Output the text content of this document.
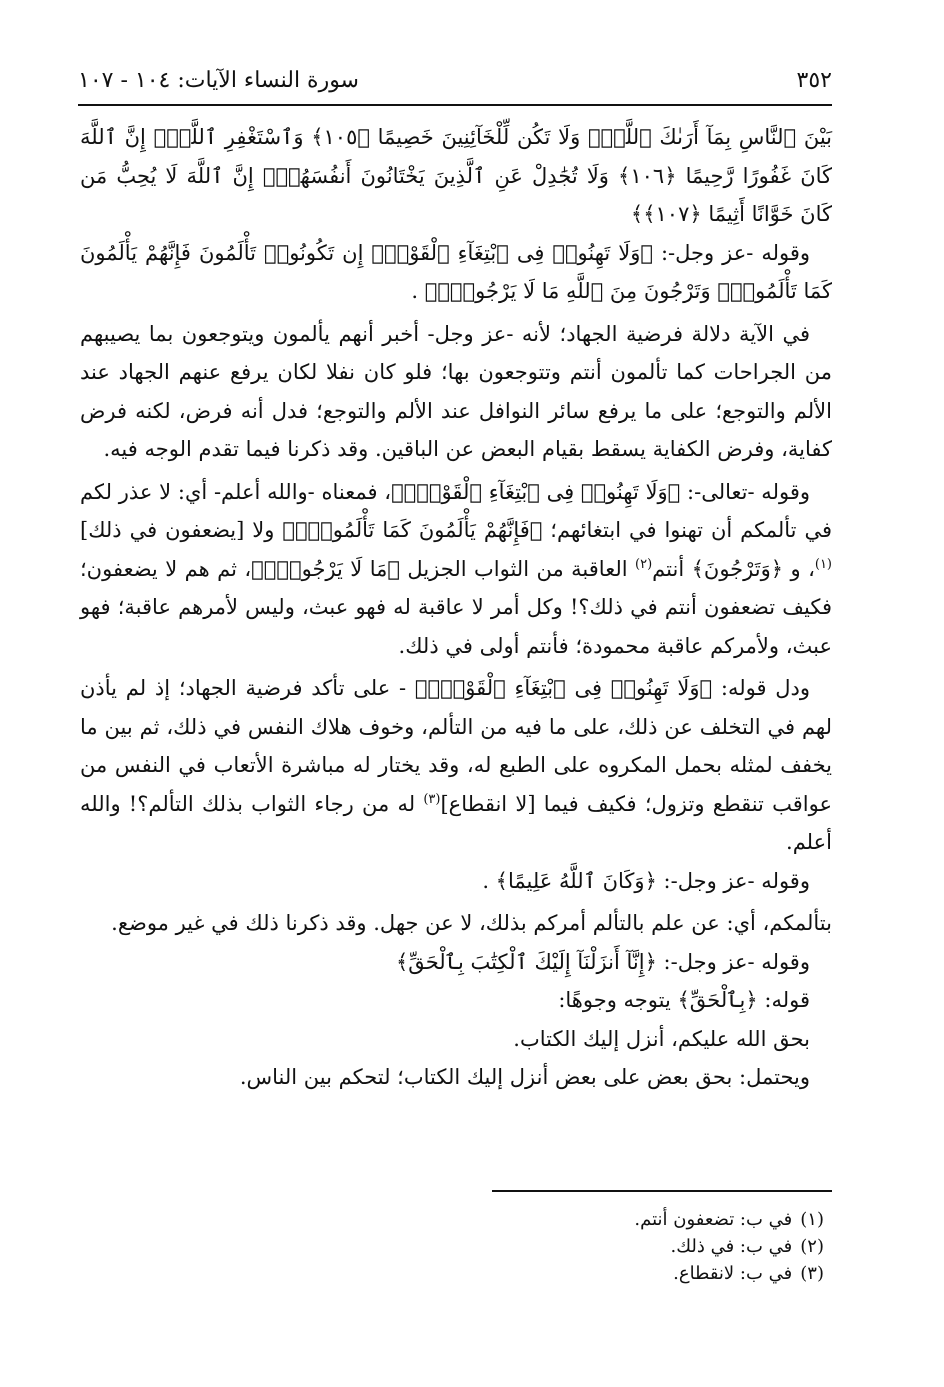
٣٥٢
سورة النساء الآيات: ١٠٤ - ١٠٧

بَيْنَ ٱلنَّاسِ بِمَآ أَرَىٰكَ ٱللَّهُۚ وَلَا تَكُن لِّلْخَآئِنِينَ خَصِيمًا ﴿١٠٥﴾ وَٱسْتَغْفِرِ ٱللَّهَۖ إِنَّ ٱللَّهَ كَانَ غَفُورًا رَّحِيمًا ﴿١٠٦﴾ وَلَا تُجَٰدِلْ عَنِ ٱلَّذِينَ يَخْتَانُونَ أَنفُسَهُمْۚ إِنَّ ٱللَّهَ لَا يُحِبُّ مَن كَانَ خَوَّانًا أَثِيمًا ﴿١٠٧﴾﴾

وقوله -عز وجل-: ﴿وَلَا تَهِنُوا۟ فِى ٱبْتِغَآءِ ٱلْقَوْمِۖ إِن تَكُونُوا۟ تَأْلَمُونَ فَإِنَّهُمْ يَأْلَمُونَ كَمَا تَأْلَمُونَۖ وَتَرْجُونَ مِنَ ٱللَّهِ مَا لَا يَرْجُونَۗ﴾ .

في الآية دلالة فرضية الجهاد؛ لأنه -عز وجل- أخبر أنهم يألمون ويتوجعون بما يصيبهم من الجراحات كما تألمون أنتم وتتوجعون بها؛ فلو كان نفلا لكان يرفع عنهم الجهاد عند الألم والتوجع؛ على ما يرفع سائر النوافل عند الألم والتوجع؛ فدل أنه فرض، لكنه فرض كفاية، وفرض الكفاية يسقط بقيام البعض عن الباقين. وقد ذكرنا فيما تقدم الوجه فيه.

وقوله -تعالى-: ﴿وَلَا تَهِنُوا۟ فِى ٱبْتِغَآءِ ٱلْقَوْمِۖ﴾، فمعناه -والله أعلم- أي: لا عذر لكم في تألمكم أن تهنوا في ابتغائهم؛ ﴿فَإِنَّهُمْ يَأْلَمُونَ كَمَا تَأْلَمُونَۖ﴾ ولا [يضعفون في ذلك]$^{(١)}$، و ﴿وَتَرْجُونَ﴾ أنتم$^{(٢)}$ العاقبة من الثواب الجزيل ﴿مَا لَا يَرْجُونَۗ﴾، ثم هم لا يضعفون؛ فكيف تضعفون أنتم في ذلك؟! وكل أمر لا عاقبة له فهو عبث، وليس لأمرهم عاقبة؛ فهو عبث، ولأمركم عاقبة محمودة؛ فأنتم أولى في ذلك.

ودل قوله: ﴿وَلَا تَهِنُوا۟ فِى ٱبْتِغَآءِ ٱلْقَوْمِۖ﴾ - على تأكد فرضية الجهاد؛ إذ لم يأذن لهم في التخلف عن ذلك، على ما فيه من التألم، وخوف هلاك النفس في ذلك، ثم بين ما يخفف لمثله بحمل المكروه على الطبع له، وقد يختار له مباشرة الأتعاب في النفس من عواقب تنقطع وتزول؛ فكيف فيما [لا انقطاع]$^{(٣)}$ له من رجاء الثواب بذلك التألم؟! والله أعلم.

وقوله -عز وجل-: ﴿وَكَانَ ٱللَّهُ عَلِيمًا﴾ .

بتألمكم، أي: عن علم بالتألم أمركم بذلك، لا عن جهل. وقد ذكرنا ذلك في غير موضع.

وقوله -عز وجل-: ﴿إِنَّآ أَنزَلْنَآ إِلَيْكَ ٱلْكِتَٰبَ بِٱلْحَقِّ﴾

قوله: ﴿بِٱلْحَقِّ﴾ يتوجه وجوهًا:

بحق الله عليكم، أنزل إليك الكتاب.

ويحتمل: بحق بعض على بعض أنزل إليك الكتاب؛ لتحكم بين الناس.

(١)في ب: تضعفون أنتم.
(٢)في ب: في ذلك.
(٣)في ب: لانقطاع.
